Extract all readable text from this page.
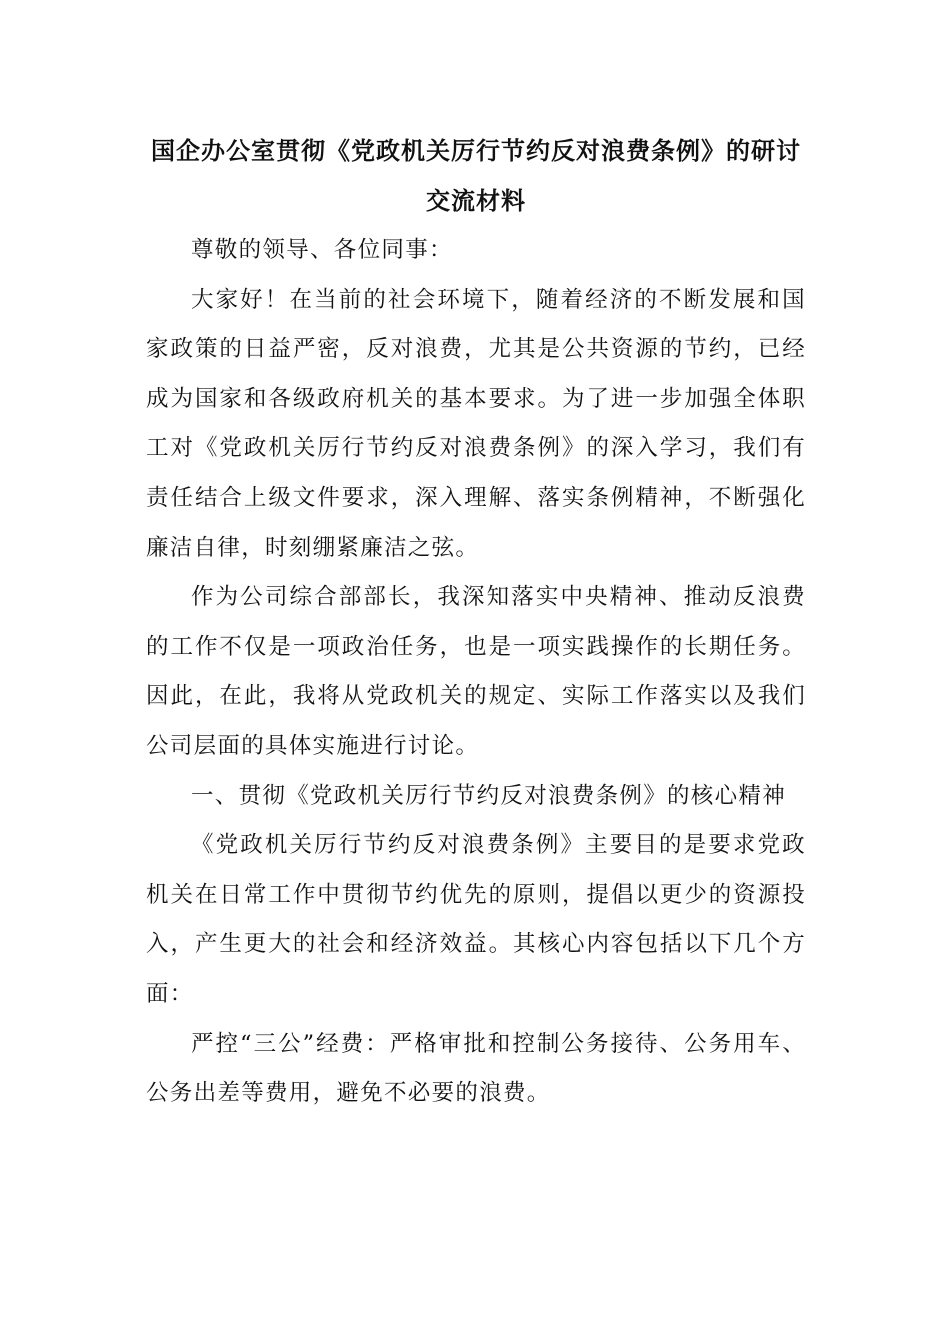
国企办公室贯彻《党政机关厉行节约反对浪费条例》的研讨交流材料

尊敬的领导、各位同事：

大家好！在当前的社会环境下，随着经济的不断发展和国家政策的日益严密，反对浪费，尤其是公共资源的节约，已经成为国家和各级政府机关的基本要求。为了进一步加强全体职工对《党政机关厉行节约反对浪费条例》的深入学习，我们有责任结合上级文件要求，深入理解、落实条例精神，不断强化廉洁自律，时刻绷紧廉洁之弦。

作为公司综合部部长，我深知落实中央精神、推动反浪费的工作不仅是一项政治任务，也是一项实践操作的长期任务。因此，在此，我将从党政机关的规定、实际工作落实以及我们公司层面的具体实施进行讨论。

一、贯彻《党政机关厉行节约反对浪费条例》的核心精神

《党政机关厉行节约反对浪费条例》主要目的是要求党政机关在日常工作中贯彻节约优先的原则，提倡以更少的资源投入，产生更大的社会和经济效益。其核心内容包括以下几个方面：

严控“三公”经费：严格审批和控制公务接待、公务用车、公务出差等费用，避免不必要的浪费。
